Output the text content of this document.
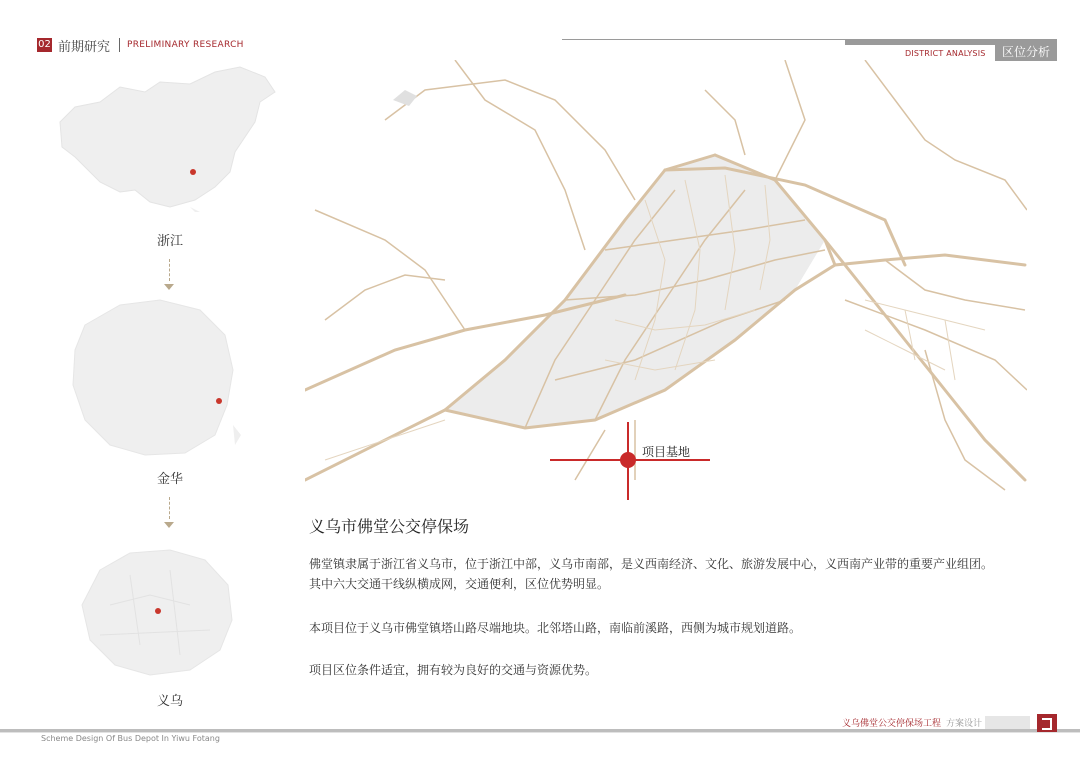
02 前期研究 PRELIMINARY RESEARCH
DISTRICT ANALYSIS	区位分析
浙江
金华
义乌
项目基地
义乌市佛堂公交停保场
佛堂镇隶属于浙江省义乌市，位于浙江中部，义乌市南部，是义西南经济、文化、旅游发展中心，义西南产业带的重要产业组团。
其中六大交通干线纵横成网，交通便利，区位优势明显。
本项目位于义乌市佛堂镇塔山路尽端地块。北邻塔山路，南临前溪路，西侧为城市规划道路。
项目区位条件适宜，拥有较为良好的交通与资源优势。
Scheme Design Of Bus Depot In Yiwu Fotang
义乌佛堂公交停保场工程 方案设计
